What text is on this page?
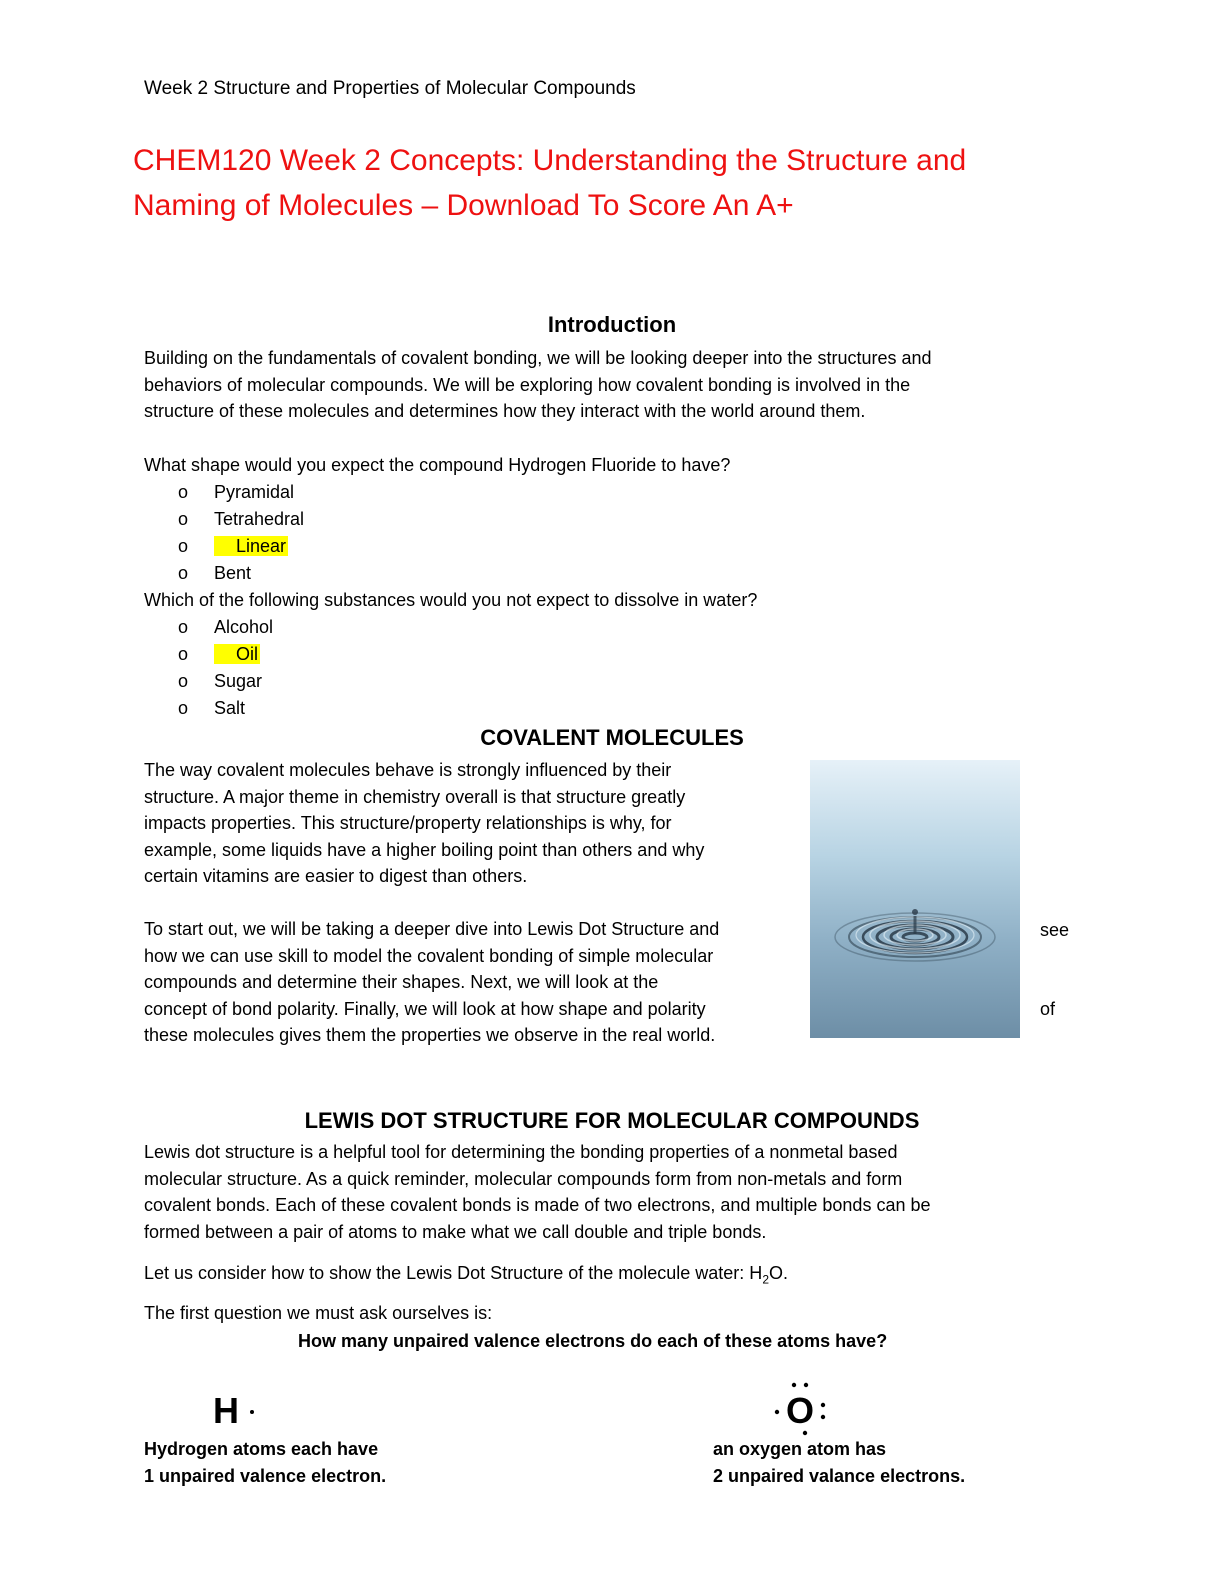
Week 2 Structure and Properties of Molecular Compounds
CHEM120 Week 2 Concepts: Understanding the Structure and
Naming of Molecules – Download To Score An A+
Introduction
Building on the fundamentals of covalent bonding, we will be looking deeper into the structures and
behaviors of molecular compounds. We will be exploring how covalent bonding is involved in the
structure of these molecules and determines how they interact with the world around them.
What shape would you expect the compound Hydrogen Fluoride to have?
o Pyramidal
o Tetrahedral
o	Linear
o Bent
Which of the following substances would you not expect to dissolve in water?
o Alcohol
o	Oil
o Sugar
o Salt
COVALENT MOLECULES
The way covalent molecules behave is strongly influenced by their
structure. A major theme in chemistry overall is that structure greatly
impacts properties. This structure/property relationships is why, for
example, some liquids have a higher boiling point than others and why
certain vitamins are easier to digest than others.
To start out, we will be taking a deeper dive into Lewis Dot Structure and
how we can use skill to model the covalent bonding of simple molecular
compounds and determine their shapes. Next, we will look at the
concept of bond polarity. Finally, we will look at how shape and polarity
these molecules gives them the properties we observe in the real world.
see
of
LEWIS DOT STRUCTURE FOR MOLECULAR COMPOUNDS
Lewis dot structure is a helpful tool for determining the bonding properties of a nonmetal based
molecular structure. As a quick reminder, molecular compounds form from non-metals and form
covalent bonds. Each of these covalent bonds is made of two electrons, and multiple bonds can be
formed between a pair of atoms to make what we call double and triple bonds.
Let us consider how to show the Lewis Dot Structure of the molecule water: $H_2O$.
The first question we must ask ourselves is:
How many unpaired valence electrons do each of these atoms have?
H
Hydrogen atoms each have
1 unpaired valence electron.
O
an oxygen atom has
2 unpaired valance electrons.
